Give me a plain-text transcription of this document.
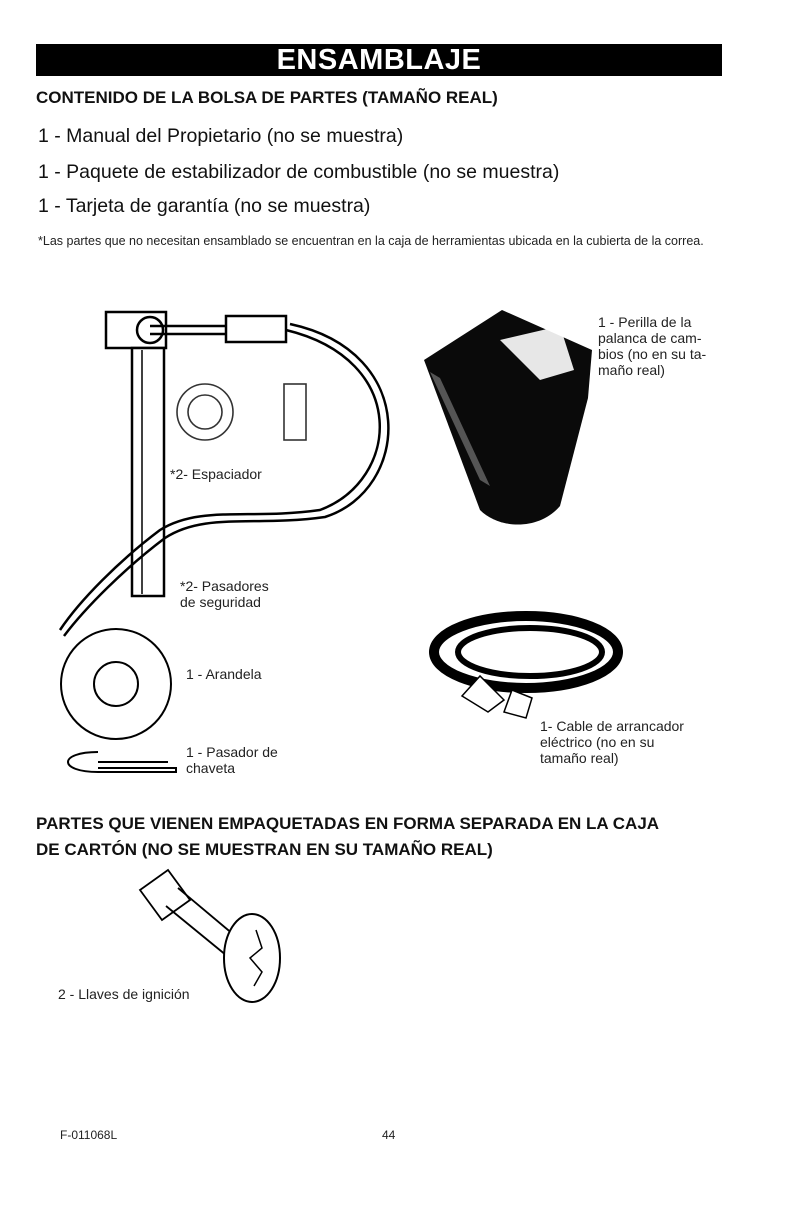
ENSAMBLAJE
CONTENIDO DE LA BOLSA DE PARTES (TAMAÑO REAL)
1 - Manual del Propietario (no se muestra)
1 - Paquete de estabilizador de combustible (no se muestra)
1 - Tarjeta de garantía (no se muestra)
*Las partes que no necesitan ensamblado se encuentran en la caja de herramientas ubicada en la cubierta de la correa.
*2- Espaciador
*2- Pasadores
de seguridad
1 - Arandela
1 - Pasador de
chaveta
1 - Perilla de la
palanca de cam-
bios (no en su ta-
maño real)
1- Cable de arrancador
eléctrico (no en su
tamaño real)
PARTES QUE VIENEN EMPAQUETADAS EN FORMA SEPARADA EN LA CAJA
DE CARTÓN (NO SE MUESTRAN EN SU TAMAÑO REAL)
2 - Llaves de ignición
F-011068L	44
